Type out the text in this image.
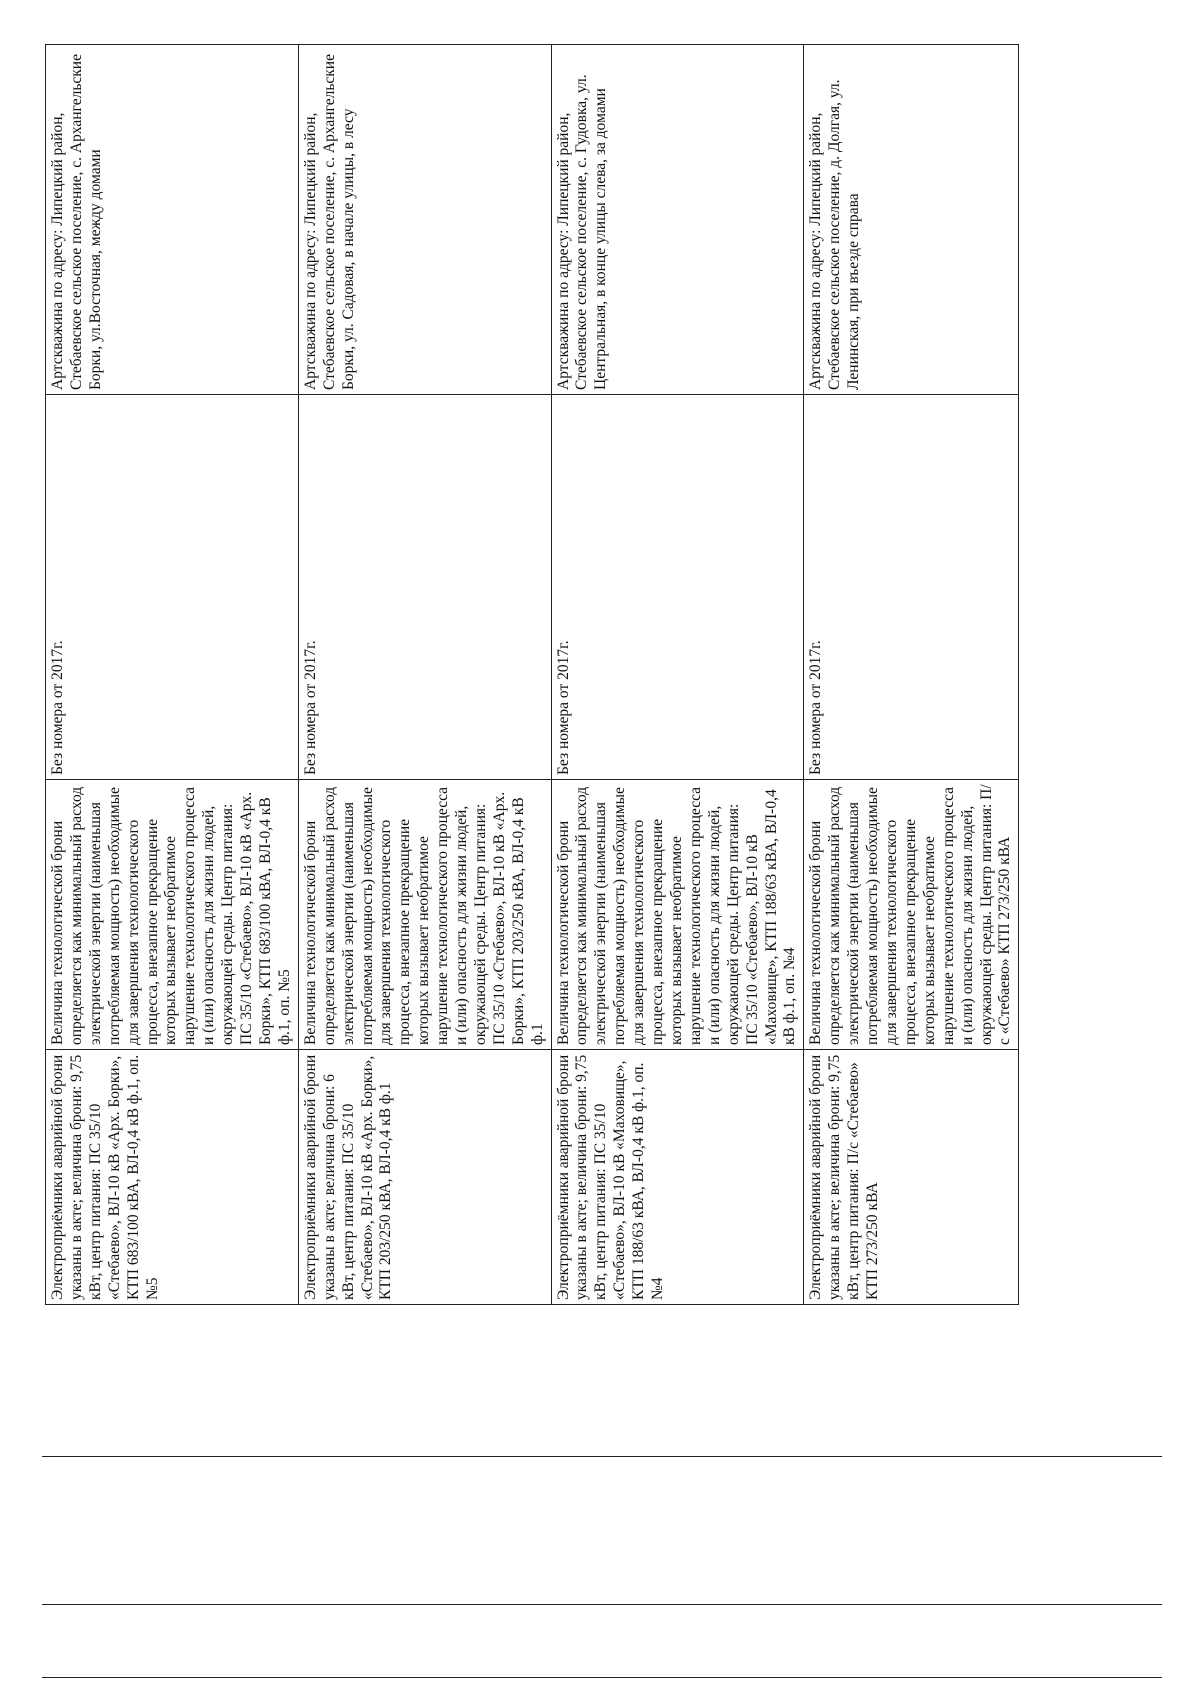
Электроприёмники аварийной брони указаны в акте; величина брони: 9,75 кВт, центр питания: ПС 35/10 «Стебаево», ВЛ-10 кВ «Арх. Борки», КТП 683/100 кВА, ВЛ-0,4 кВ ф.1, оп. №5	Величина технологической брони определяется как минимальный расход электрической энергии (наименьшая потребляемая мощность) необходимые для завершения технологического процесса, внезапное прекращение которых вызывает необратимое нарушение технологического процесса и (или) опасность для жизни людей, окружающей среды. Центр питания: ПС 35/10 «Стебаево», ВЛ-10 кВ «Арх. Борки», КТП 683/100 кВА, ВЛ-0,4 кВ ф.1, оп. №5	Без номера от 2017г.	Артскважина по адресу: Липецкий район, Стебаевское сельское поселение, с. Архангельские Борки, ул.Восточная, между домами
Электроприёмники аварийной брони указаны в акте; величина брони: 6 кВт, центр питания: ПС 35/10 «Стебаево», ВЛ-10 кВ «Арх. Борки», КТП 203/250 кВА, ВЛ-0,4 кВ ф.1	Величина технологической брони определяется как минимальный расход электрической энергии (наименьшая потребляемая мощность) необходимые для завершения технологического процесса, внезапное прекращение которых вызывает необратимое нарушение технологического процесса и (или) опасность для жизни людей, окружающей среды. Центр питания: ПС 35/10 «Стебаево», ВЛ-10 кВ «Арх. Борки», КТП 203/250 кВА, ВЛ-0,4 кВ ф.1	Без номера от 2017г.	Артскважина по адресу: Липецкий район, Стебаевское сельское поселение, с. Архангельские Борки, ул. Садовая, в начале улицы, в лесу
Электроприёмники аварийной брони указаны в акте; величина брони: 9,75 кВт, центр питания: ПС 35/10 «Стебаево», ВЛ-10 кВ «Маховище», КТП 188/63 кВА, ВЛ-0,4 кВ ф.1, оп. №4	Величина технологической брони определяется как минимальный расход электрической энергии (наименьшая потребляемая мощность) необходимые для завершения технологического процесса, внезапное прекращение которых вызывает необратимое нарушение технологического процесса и (или) опасность для жизни людей, окружающей среды. Центр питания: ПС 35/10 «Стебаево», ВЛ-10 кВ «Маховище», КТП 188/63 кВА, ВЛ-0,4 кВ ф.1, оп. №4	Без номера от 2017г.	Артскважина по адресу: Липецкий район, Стебаевское сельское поселение, с. Гудовка, ул. Центральная, в конце улицы слева, за домами
Электроприёмники аварийной брони указаны в акте; величина брони: 9,75 кВт, центр питания: П/с «Стебаево» КТП 273/250 кВА	Величина технологической брони определяется как минимальный расход электрической энергии (наименьшая потребляемая мощность) необходимые для завершения технологического процесса, внезапное прекращение которых вызывает необратимое нарушение технологического процесса и (или) опасность для жизни людей, окружающей среды. Центр питания: П/с «Стебаево» КТП 273/250 кВА	Без номера от 2017г.	Артскважина по адресу: Липецкий район, Стебаевское сельское поселение, д. Долгая, ул. Ленинская, при въезде справа
